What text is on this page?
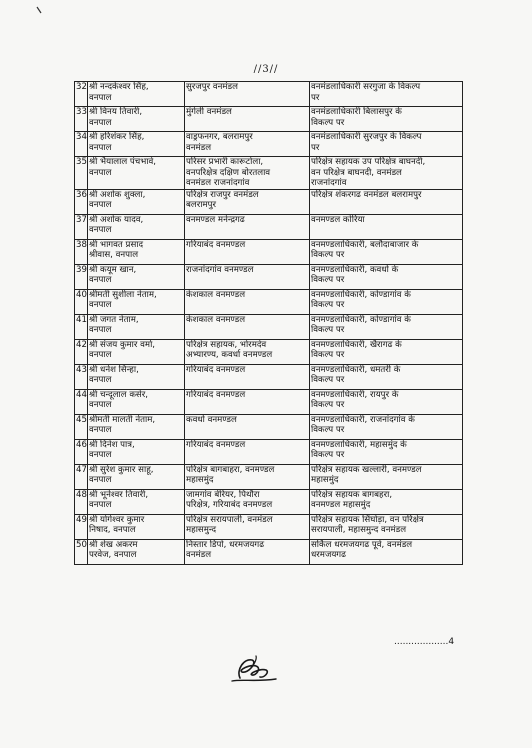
//3//
32	श्री नन्दकेश्वर सिंह,
वनपाल	सुरजपुर वनमंडल	वनमंडलाधिकारी सरगुजा के विकल्प
पर
33	श्री विनय तिवारी,
वनपाल	मुंगेली वनमंडल	वनमंडलाधिकारी बिलासपुर के
विकल्प पर
34	श्री हरिशंकर सिंह,
वनपाल	वाड्रफनगर, बलरामपुर
वनमंडल	वनमंडलाधिकारी सुरजपुर के विकल्प
पर
35	श्री भैयालाल पंचभावे,
वनपाल	परिसर प्रभारी कारूटोला,
वनपरिक्षेत्र दक्षिण बोरतलाव
वनमंडल राजनांदगांव	परिक्षेत्र सहायक उप परिक्षेत्र बाघनदी,
वन परिक्षेत्र बाघनदी, वनमंडल
राजनांदगांव
36	श्री अशोक शुक्ला,
वनपाल	परिक्षेत्र राजपुर वनमंडल
बलरामपुर	परिक्षेत्र शंकरगढ वनमंडल बलरामपुर
37	श्री अशोक यादव,
वनपाल	वनमण्डल मनेन्द्रगढ	वनमण्डल कोरिया
38	श्री भागवत प्रसाद
श्रीवास, वनपाल	गरियाबंद वनमण्डल	वनमण्डलाधिकारी, बलौदाबाजार के
विकल्प पर
39	श्री कयूम खान,
वनपाल	राजनांदगांव वनमण्डल	वनमण्डलाधिकारी, कवर्धा के
विकल्प पर
40	श्रीमती सुशीला नेताम,
वनपाल	केशकाल वनमण्डल	वनमण्डलाधिकारी, कोण्डागांव के
विकल्प पर
41	श्री जगत नेताम,
वनपाल	केशकाल वनमण्डल	वनमण्डलाधिकारी, कोण्डागांव के
विकल्प पर
42	श्री संजय कुमार वर्मा,
वनपाल	परिक्षेत्र सहायक, भोरमदेव
अभ्यारण्य, कवर्धा वनमण्डल	वनमण्डलाधिकारी, खैरागढ के
विकल्प पर
43	श्री धनेश सिन्हा,
वनपाल	गरियाबंद वनमण्डल	वनमण्डलाधिकारी, धमतरी के
विकल्प पर
44	श्री चन्दूलाल कसेर,
वनपाल	गरियाबंद वनमण्डल	वनमण्डलाधिकारी, रायपुर के
विकल्प पर
45	श्रीमती मालती नेताम,
वनपाल	कवर्धा वनमण्डल	वनमण्डलाधिकारी, राजनांदगांव के
विकल्प पर
46	श्री दिनेश पात्र,
वनपाल	गरियाबंद वनमण्डल	वनमण्डलाधिकारी, महासमुंद के
विकल्प पर
47	श्री सुरेश कुमार साहू,
वनपाल	परिक्षेत्र बागबाहरा, वनमण्डल
महासमुंद	परिक्षेत्र सहायक खल्लारी, वनमण्डल
महासमुंद
48	श्री भूनेश्वर तिवारी,
वनपाल	जामगांव बेरियर, पिथौरा
परिक्षेत्र, गरियाबंद वनमण्डल	परिक्षेत्र सहायक बागबहरा,
वनमण्डल महासमुंद
49	श्री योगेश्वर कुमार
निषाद, वनपाल	परिक्षेत्र सरायपाली, वनमंडल
महासमुन्द	परिक्षेत्र सहायक सिंघोड़ा, वन परिक्षेत्र
सरायपाली, महासमुन्द वनमंडल
50	श्री शेख अकरम
परवेज, वनपाल	निस्तार डिपो, धरमजयगढ
वनमंडल	सर्किल धरमजयगढ पूर्व, वनमंडल
धरमजयगढ
...................4
